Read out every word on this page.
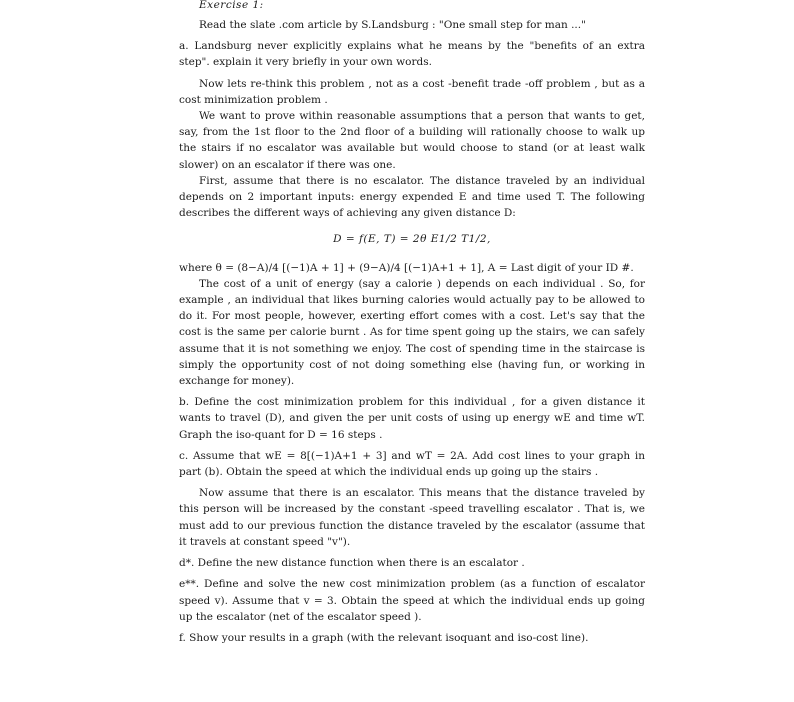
Exercise 1:

Read the slate .com article by S.Landsburg : "One small step for man ..."

a. Landsburg never explicitly explains what he means by the "benefits of an extra step". explain it very briefly in your own words.

Now lets re-think this problem , not as a cost -benefit trade -off problem , but as a cost minimization problem .

We want to prove within reasonable assumptions that a person that wants to get, say, from the 1st floor to the 2nd floor of a building will rationally choose to walk up the stairs if no escalator was available but would choose to stand (or at least walk slower) on an escalator if there was one.

First, assume that there is no escalator. The distance traveled by an individual depends on 2 important inputs: energy expended E and time used T. The following describes the different ways of achieving any given distance D:

D = f(E, T) = 2θ E1/2 T1/2,

where θ = (8−A)/4 [(−1)A + 1] + (9−A)/4 [(−1)A+1 + 1], A = Last digit of your ID #.

The cost of a unit of energy (say a calorie ) depends on each individual . So, for example , an individual that likes burning calories would actually pay to be allowed to do it. For most people, however, exerting effort comes with a cost. Let's say that the cost is the same per calorie burnt . As for time spent going up the stairs, we can safely assume that it is not something we enjoy. The cost of spending time in the staircase is simply the opportunity cost of not doing something else (having fun, or working in exchange for money).

b. Define the cost minimization problem for this individual , for a given distance it wants to travel (D), and given the per unit costs of using up energy wE and time wT. Graph the iso-quant for D = 16 steps .

c. Assume that wE = 8[(−1)A+1 + 3] and wT = 2A. Add cost lines to your graph in part (b). Obtain the speed at which the individual ends up going up the stairs .

Now assume that there is an escalator. This means that the distance traveled by this person will be increased by the constant -speed travelling escalator . That is, we must add to our previous function the distance traveled by the escalator (assume that it travels at constant speed "v").

d*. Define the new distance function when there is an escalator .

e**. Define and solve the new cost minimization problem (as a function of escalator speed v). Assume that v = 3. Obtain the speed at which the individual ends up going up the escalator (net of the escalator speed ).

f. Show your results in a graph (with the relevant isoquant and iso-cost line).
